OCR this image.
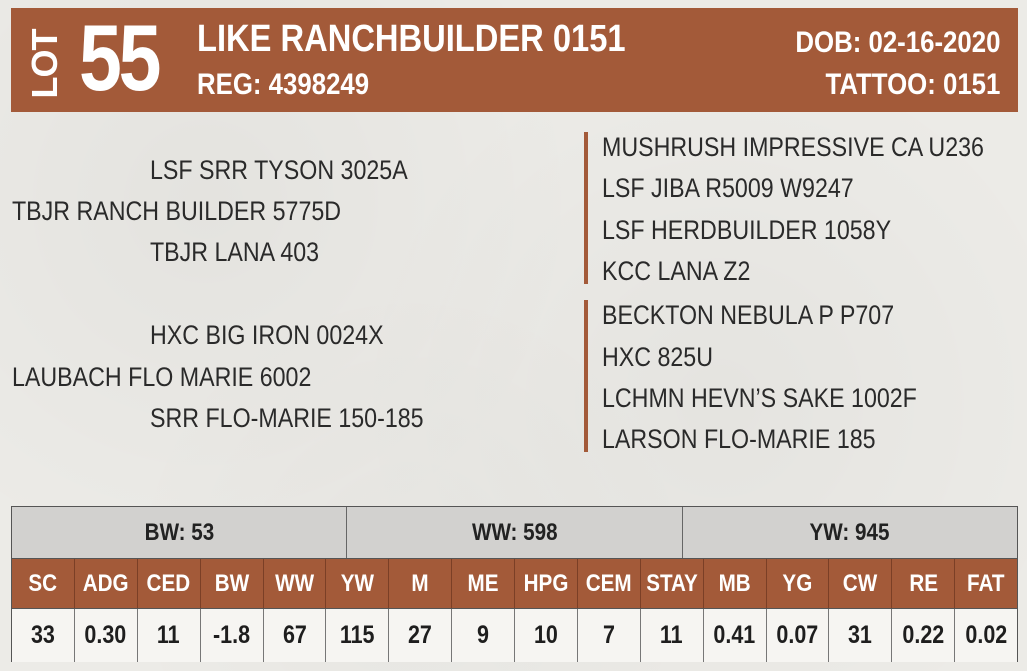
LOT 55 LIKE RANCHBUILDER 0151
REG: 4398249
DOB: 02-16-2020
TATTOO: 0151
LSF SRR TYSON 3025A
TBJR RANCH BUILDER 5775D
TBJR LANA 403
HXC BIG IRON 0024X
LAUBACH FLO MARIE 6002
SRR FLO-MARIE 150-185
MUSHRUSH IMPRESSIVE CA U236
LSF JIBA R5009 W9247
LSF HERDBUILDER 1058Y
KCC LANA Z2
BECKTON NEBULA P P707
HXC 825U
LCHMN HEVN’S SAKE 1002F
LARSON FLO-MARIE 185
BW: 53	WW: 598	YW: 945
SC	ADG CED BW	WW	YW	M	ME	HPG CEM STAY MB	YG	CW	RE	FAT
33	0.30	11	-1.8	67	115	27	9	10	7	11	0.41 0.07	31	0.22 0.02
